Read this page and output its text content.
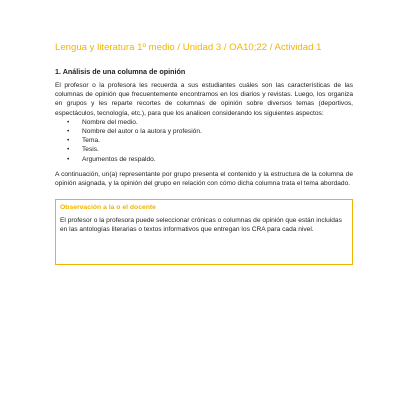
Lengua y literatura 1º medio / Unidad 3 / OA10;22 / Actividad 1
1. Análisis de una columna de opinión
El profesor o la profesora les recuerda a sus estudiantes cuáles son las características de las columnas de opinión que frecuentemente encontramos en los diarios y revistas. Luego, los organiza en grupos y les reparte recortes de columnas de opinión sobre diversos temas (deportivos, espectáculos, tecnología, etc.), para que los analicen considerando los siguientes aspectos:
• Nombre del medio.
• Nombre del autor o la autora y profesión.
• Tema.
• Tesis.
• Argumentos de respaldo.
A continuación, un(a) representante por grupo presenta el contenido y la estructura de la columna de opinión asignada, y la opinión del grupo en relación con cómo dicha columna trata el tema abordado.
Observación a la o el docente
El profesor o la profesora puede seleccionar crónicas o columnas de opinión que están incluidas en las antologías literarias o textos informativos que entregan los CRA para cada nivel.
